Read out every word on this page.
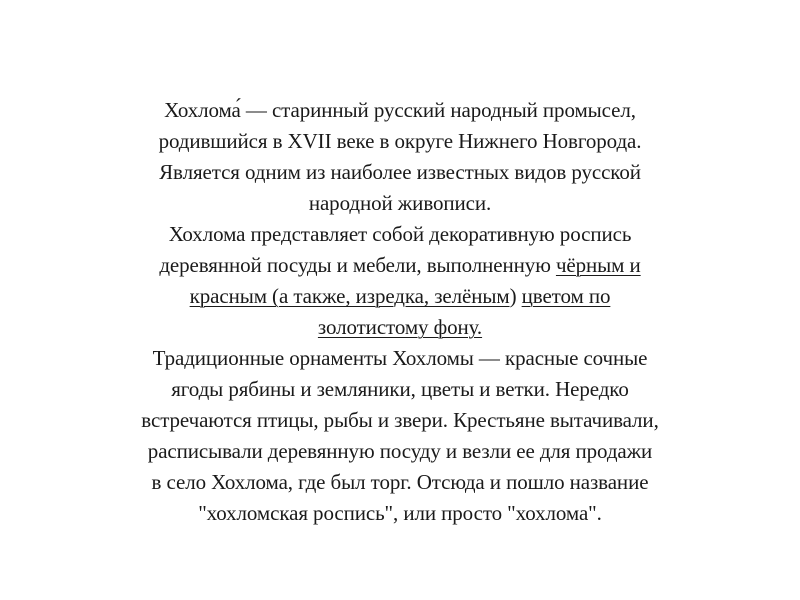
Хохлома́ — старинный русский народный промысел,
родившийся в XVII веке в округе Нижнего Новгорода.
Является одним из наиболее известных видов русской
народной живописи.
Хохлома представляет собой декоративную роспись
деревянной посуды и мебели, выполненную чёрным и
красным (а также, изредка, зелёным) цветом по
золотистому фону.
Традиционные орнаменты Хохломы — красные сочные
ягоды рябины и земляники, цветы и ветки. Нередко
встречаются птицы, рыбы и звери. Крестьяне вытачивали,
расписывали деревянную посуду и везли ее для продажи
в село Хохлома, где был торг. Отсюда и пошло название
"хохломская роспись", или просто "хохлома".
